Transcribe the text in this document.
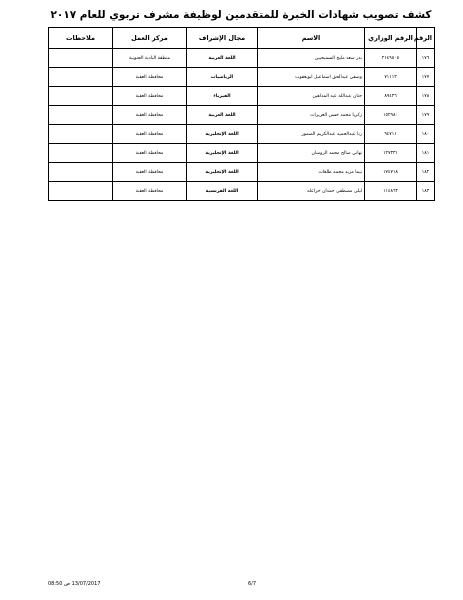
كشف تصويب شهادات الخبرة للمتقدمين لوظيفة مشرف تربوي للعام ٢٠١٧
الرقم	الرقم الوزاري	الاسم	مجال الإشراف	مركز العمل	ملاحظات
١٧٦	٢١٤٩٥٠٥	بدر سعد مليح السميحيين	اللغة العربية	منطقة البادية الجنوبية	
١٧٧	٧١١١٣	وصفي عبدالحق اسماعيل ابويعقوب	الرياضيات	محافظة العقبة	
١٧٨	٨٩٤٣٦	حنان عبدالله عبد المداهين	الفيزياء	محافظة العقبة	
١٧٩	١٥٢٩٨٠	زكريا محمد حسن العزيزات	اللغة العربية	محافظة العقبة	
١٨٠	٩٤٧١١	رنا عبدالحميد عبدالكريم الضمور	اللغة الإنجليزية	محافظة العقبة	
١٨١	١٢٧٣٣١	تهاني صالح محمد الروسان	اللغة الإنجليزية	محافظة العقبة	
١٨٢	١٧٤٧١٨	نيما مزيد محمد طاهات	اللغة الإنجليزية	محافظة العقبة	
١٨٣	١١٤٨٦٣	ليلى مصطفى حمدان خزاعله	اللغة الفرنسية	محافظة العقبة	
13/07/2017 ص 08:50	6/7
